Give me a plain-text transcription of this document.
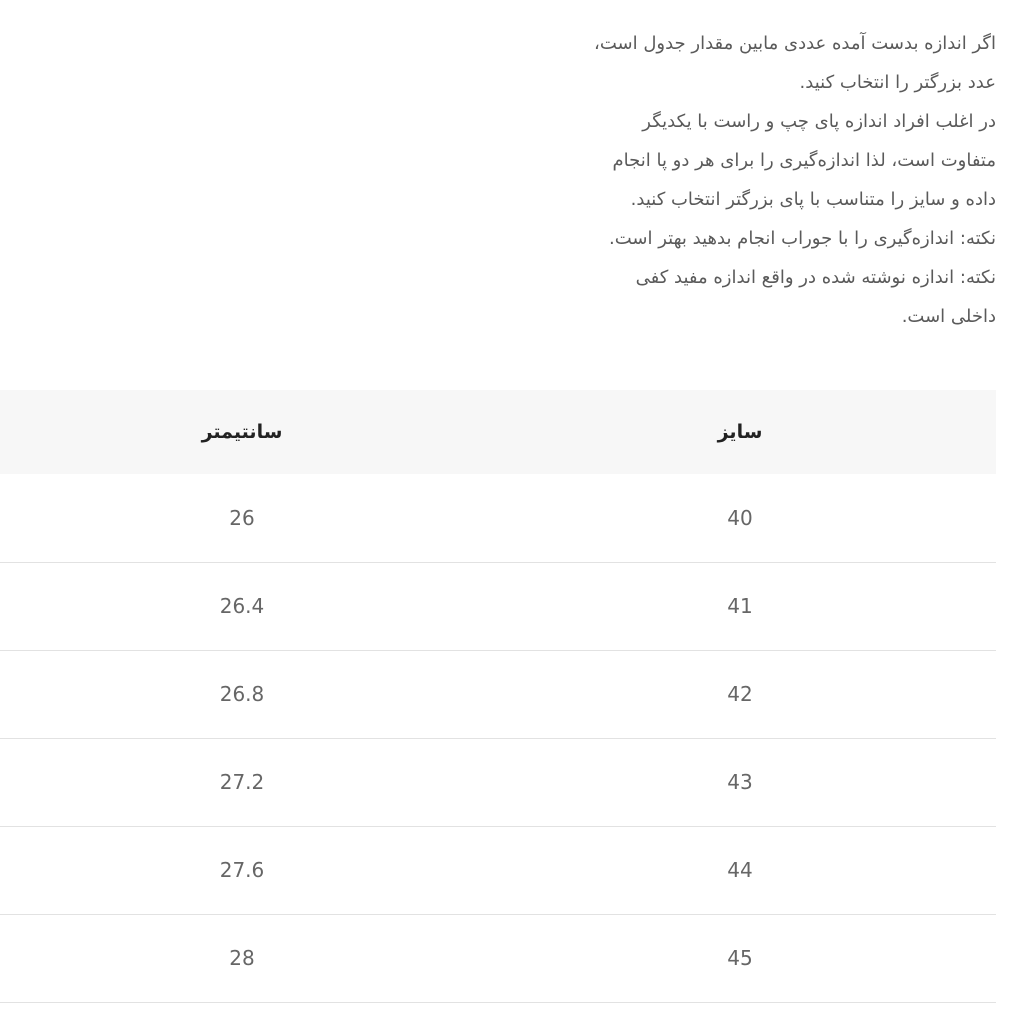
اگر اندازه بدست آمده عددی مابین مقدار جدول است،
عدد بزرگتر را انتخاب کنید.
در اغلب افراد اندازه پای چپ و راست با یکدیگر
متفاوت است، لذا اندازه‌گیری را برای هر دو پا انجام
داده و سایز را متناسب با پای بزرگتر انتخاب کنید.
نکته: اندازه‌گیری را با جوراب انجام بدهید بهتر است.
نکته: اندازه نوشته شده در واقع اندازه مفید کفی
داخلی است.
سایز	سانتیمتر
40	26
41	26.4
42	26.8
43	27.2
44	27.6
45	28
